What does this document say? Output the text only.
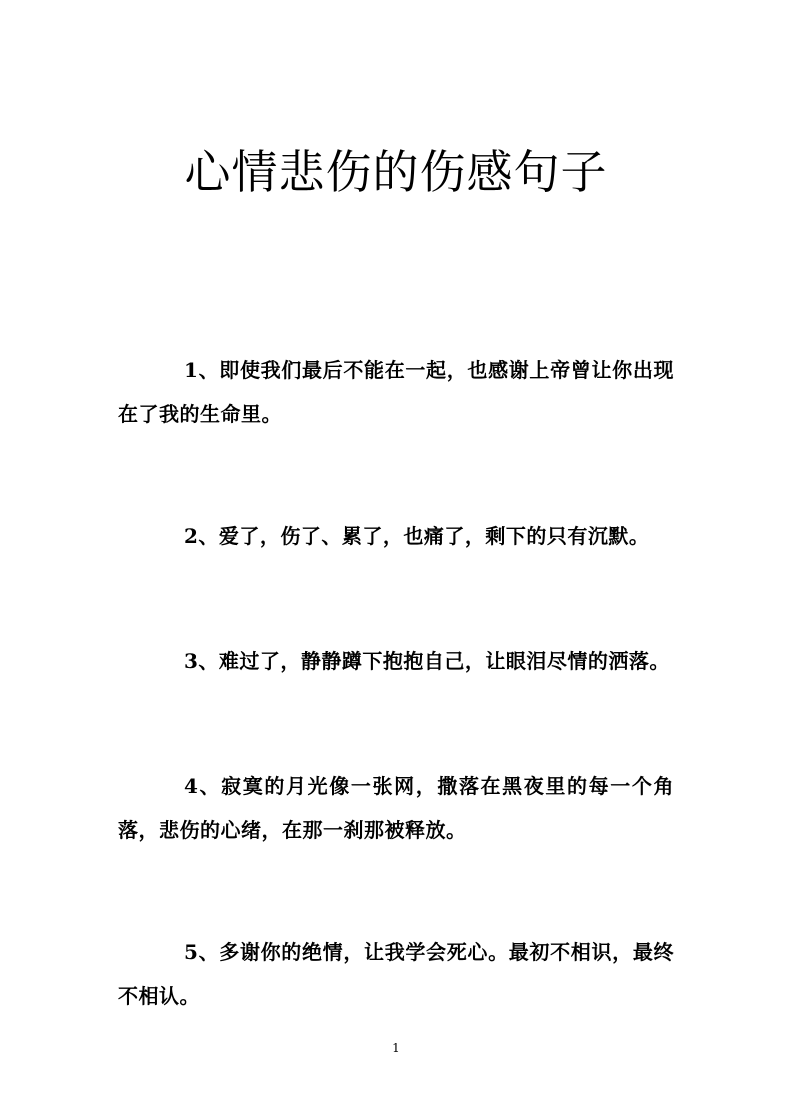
心情悲伤的伤感句子

1、即使我们最后不能在一起，也感谢上帝曾让你出现在了我的生命里。

2、爱了，伤了、累了，也痛了，剩下的只有沉默。

3、难过了，静静蹲下抱抱自己，让眼泪尽情的洒落。

4、寂寞的月光像一张网，撒落在黑夜里的每一个角落，悲伤的心绪，在那一刹那被释放。

5、多谢你的绝情，让我学会死心。最初不相识，最终不相认。

1
